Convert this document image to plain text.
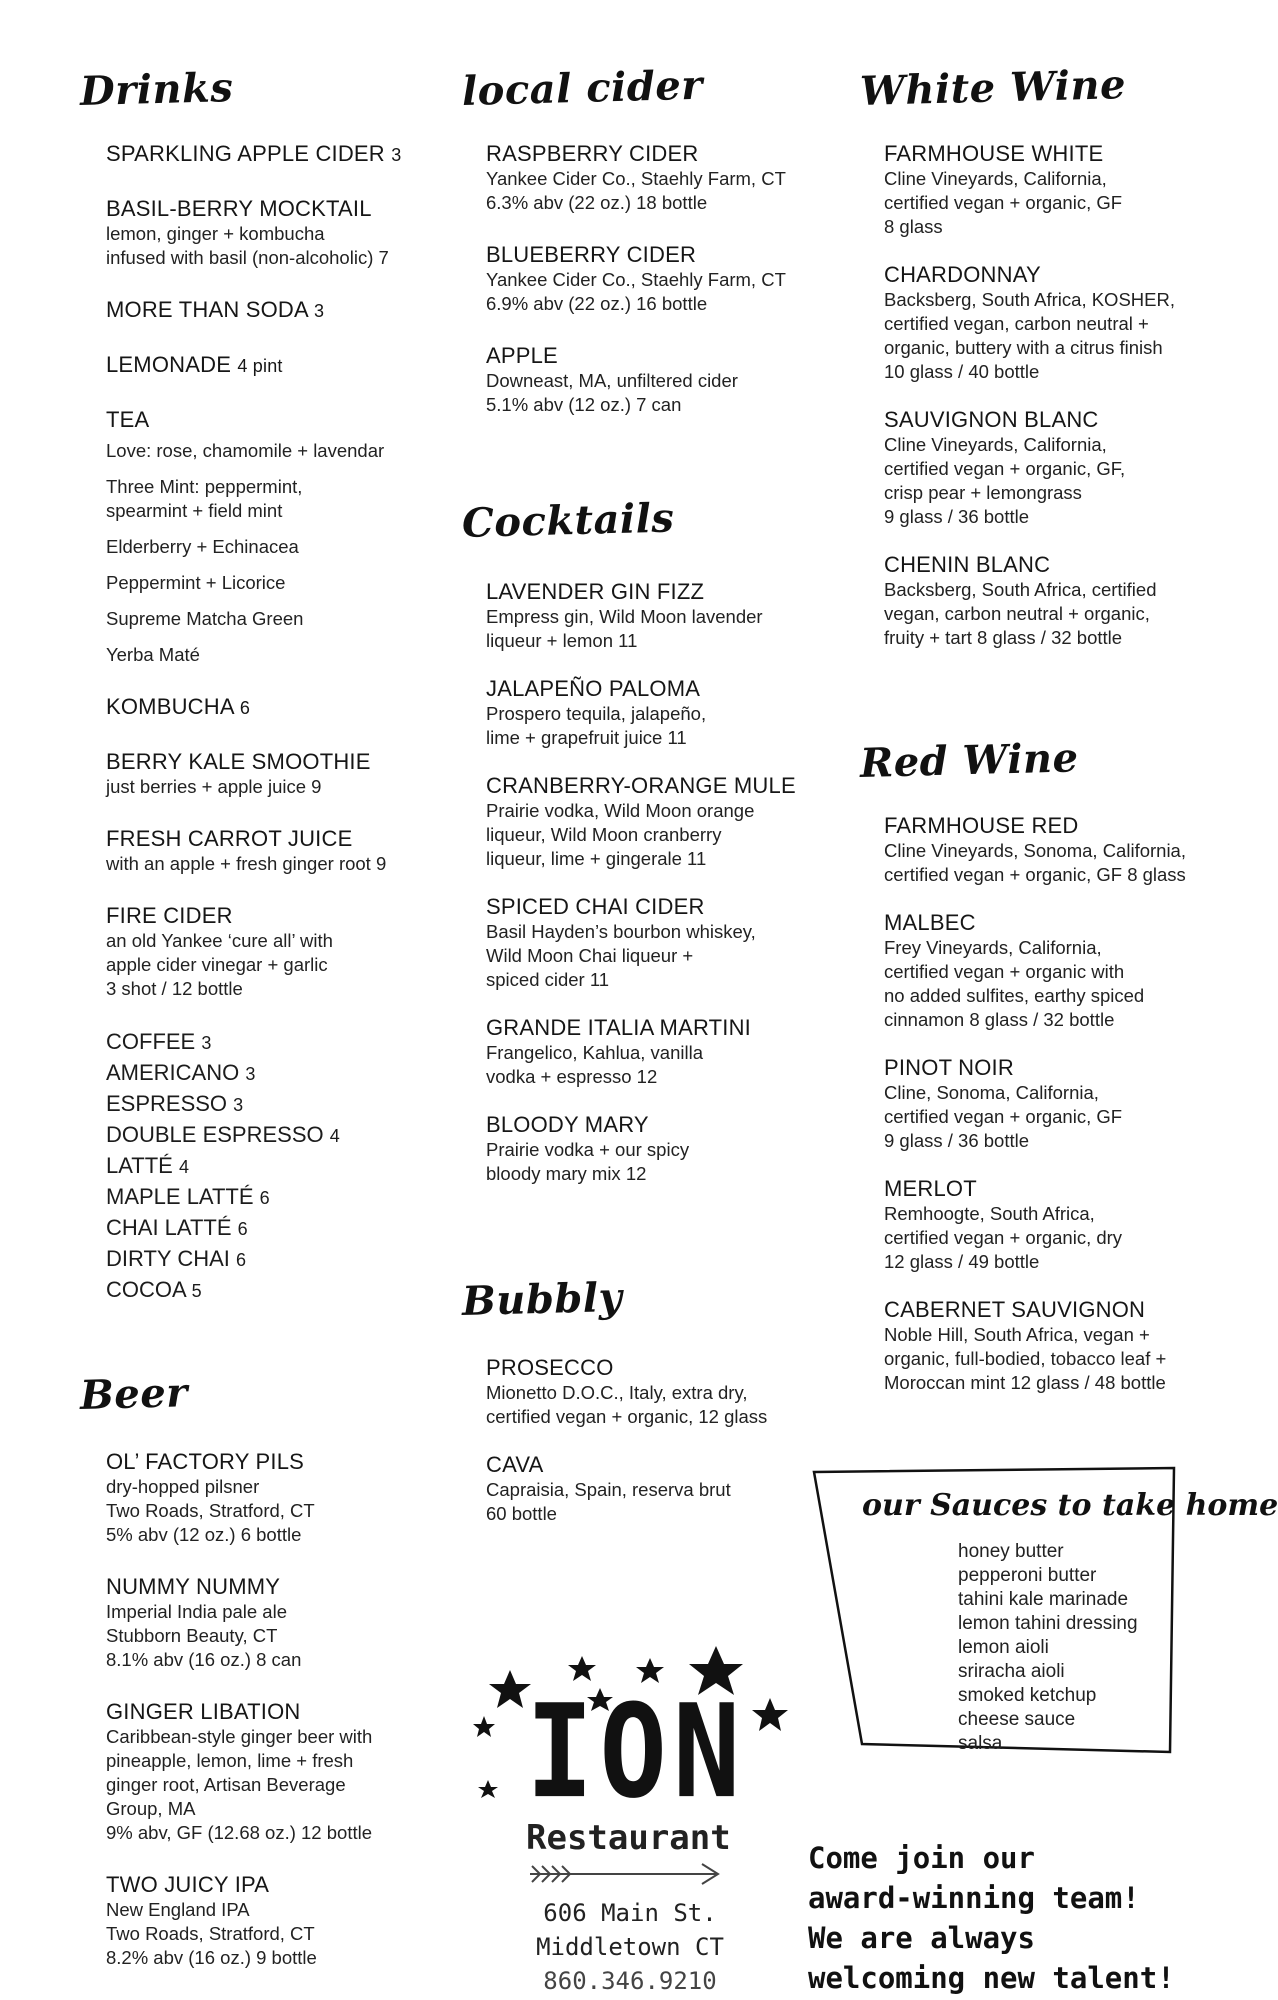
Drinks
SPARKLING APPLE CIDER 3
BASIL-BERRY MOCKTAIL
lemon, ginger + kombucha
infused with basil (non-alcoholic) 7
MORE THAN SODA 3
LEMONADE 4 pint
TEA
Love: rose, chamomile + lavendar
Three Mint: peppermint,
spearmint + field mint
Elderberry + Echinacea
Peppermint + Licorice
Supreme Matcha Green
Yerba Maté
KOMBUCHA 6
BERRY KALE SMOOTHIE
just berries + apple juice 9
FRESH CARROT JUICE
with an apple + fresh ginger root 9
FIRE CIDER
an old Yankee ‘cure all’ with
apple cider vinegar + garlic
3 shot / 12 bottle
COFFEE 3
AMERICANO 3
ESPRESSO 3
DOUBLE ESPRESSO 4
LATTÉ 4
MAPLE LATTÉ 6
CHAI LATTÉ 6
DIRTY CHAI 6
COCOA 5
Beer
OL’ FACTORY PILS
dry-hopped pilsner
Two Roads, Stratford, CT
5% abv (12 oz.) 6 bottle
NUMMY NUMMY
Imperial India pale ale
Stubborn Beauty, CT
8.1% abv (16 oz.) 8 can
GINGER LIBATION
Caribbean-style ginger beer with
pineapple, lemon, lime + fresh
ginger root, Artisan Beverage
Group, MA
9% abv, GF (12.68 oz.) 12 bottle
TWO JUICY IPA
New England IPA
Two Roads, Stratford, CT
8.2% abv (16 oz.) 9 bottle
local cider
RASPBERRY CIDER
Yankee Cider Co., Staehly Farm, CT
6.3% abv (22 oz.) 18 bottle
BLUEBERRY CIDER
Yankee Cider Co., Staehly Farm, CT
6.9% abv (22 oz.) 16 bottle
APPLE
Downeast, MA, unfiltered cider
5.1% abv (12 oz.) 7 can
Cocktails
LAVENDER GIN FIZZ
Empress gin, Wild Moon lavender
liqueur + lemon 11
JALAPEÑO PALOMA
Prospero tequila, jalapeño,
lime + grapefruit juice 11
CRANBERRY-ORANGE MULE
Prairie vodka, Wild Moon orange
liqueur, Wild Moon cranberry
liqueur, lime + gingerale 11
SPICED CHAI CIDER
Basil Hayden’s bourbon whiskey,
Wild Moon Chai liqueur +
spiced cider 11
GRANDE ITALIA MARTINI
Frangelico, Kahlua, vanilla
vodka + espresso 12
BLOODY MARY
Prairie vodka + our spicy
bloody mary mix 12
Bubbly
PROSECCO
Mionetto D.O.C., Italy, extra dry,
certified vegan + organic, 12 glass
CAVA
Capraisia, Spain, reserva brut
60 bottle
White Wine
FARMHOUSE WHITE
Cline Vineyards, California,
certified vegan + organic, GF
8 glass
CHARDONNAY
Backsberg, South Africa, KOSHER,
certified vegan, carbon neutral +
organic, buttery with a citrus finish
10 glass / 40 bottle
SAUVIGNON BLANC
Cline Vineyards, California,
certified vegan + organic, GF,
crisp pear + lemongrass
9 glass / 36 bottle
CHENIN BLANC
Backsberg, South Africa, certified
vegan, carbon neutral + organic,
fruity + tart 8 glass / 32 bottle
Red Wine
FARMHOUSE RED
Cline Vineyards, Sonoma, California,
certified vegan + organic, GF 8 glass
MALBEC
Frey Vineyards, California,
certified vegan + organic with
no added sulfites, earthy spiced
cinnamon 8 glass / 32 bottle
PINOT NOIR
Cline, Sonoma, California,
certified vegan + organic, GF
9 glass / 36 bottle
MERLOT
Remhoogte, South Africa,
certified vegan + organic, dry
12 glass / 49 bottle
CABERNET SAUVIGNON
Noble Hill, South Africa, vegan +
organic, full-bodied, tobacco leaf +
Moroccan mint 12 glass / 48 bottle
our Sauces to take home
honey butter
pepperoni butter
tahini kale marinade
lemon tahini dressing
lemon aioli
sriracha aioli
smoked ketchup
cheese sauce
salsa
ION
Restaurant
606 Main St.
Middletown CT
860.346.9210
Come join our
award-winning team!
We are always
welcoming new talent!
